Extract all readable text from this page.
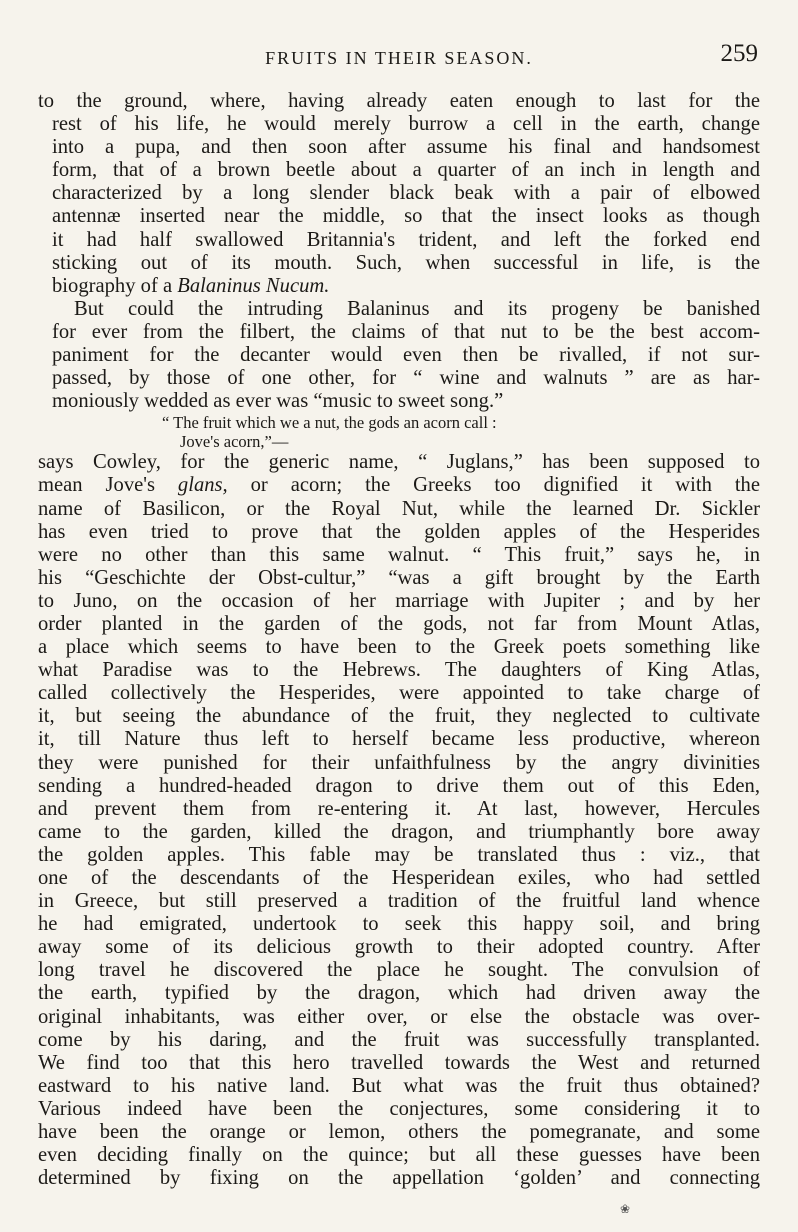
FRUITS IN THEIR SEASON.	259
to the ground, where, having already eaten enough to last for the
rest of his life, he would merely burrow a cell in the earth, change
into a pupa, and then soon after assume his final and handsomest
form, that of a brown beetle about a quarter of an inch in length and
characterized by a long slender black beak with a pair of elbowed
antennæ inserted near the middle, so that the insect looks as though
it had half swallowed Britannia's trident, and left the forked end
sticking out of its mouth. Such, when successful in life, is the
biography of a Balaninus Nucum.
But could the intruding Balaninus and its progeny be banished
for ever from the filbert, the claims of that nut to be the best accom-
paniment for the decanter would even then be rivalled, if not sur-
passed, by those of one other, for “ wine and walnuts ” are as har-
moniously wedded as ever was “music to sweet song.”
“ The fruit which we a nut, the gods an acorn call :
Jove's acorn,”—
says Cowley, for the generic name, “ Juglans,” has been supposed to
mean Jove's glans, or acorn; the Greeks too dignified it with the
name of Basilicon, or the Royal Nut, while the learned Dr. Sickler
has even tried to prove that the golden apples of the Hesperides
were no other than this same walnut. “ This fruit,” says he, in
his “Geschichte der Obst-cultur,” “was a gift brought by the Earth
to Juno, on the occasion of her marriage with Jupiter ; and by her
order planted in the garden of the gods, not far from Mount Atlas,
a place which seems to have been to the Greek poets something like
what Paradise was to the Hebrews. The daughters of King Atlas,
called collectively the Hesperides, were appointed to take charge of
it, but seeing the abundance of the fruit, they neglected to cultivate
it, till Nature thus left to herself became less productive, whereon
they were punished for their unfaithfulness by the angry divinities
sending a hundred-headed dragon to drive them out of this Eden,
and prevent them from re-entering it. At last, however, Hercules
came to the garden, killed the dragon, and triumphantly bore away
the golden apples. This fable may be translated thus : viz., that
one of the descendants of the Hesperidean exiles, who had settled
in Greece, but still preserved a tradition of the fruitful land whence
he had emigrated, undertook to seek this happy soil, and bring
away some of its delicious growth to their adopted country. After
long travel he discovered the place he sought. The convulsion of
the earth, typified by the dragon, which had driven away the
original inhabitants, was either over, or else the obstacle was over-
come by his daring, and the fruit was successfully transplanted.
We find too that this hero travelled towards the West and returned
eastward to his native land. But what was the fruit thus obtained?
Various indeed have been the conjectures, some considering it to
have been the orange or lemon, others the pomegranate, and some
even deciding finally on the quince; but all these guesses have been
determined by fixing on the appellation ‘golden’ and connecting
❀
